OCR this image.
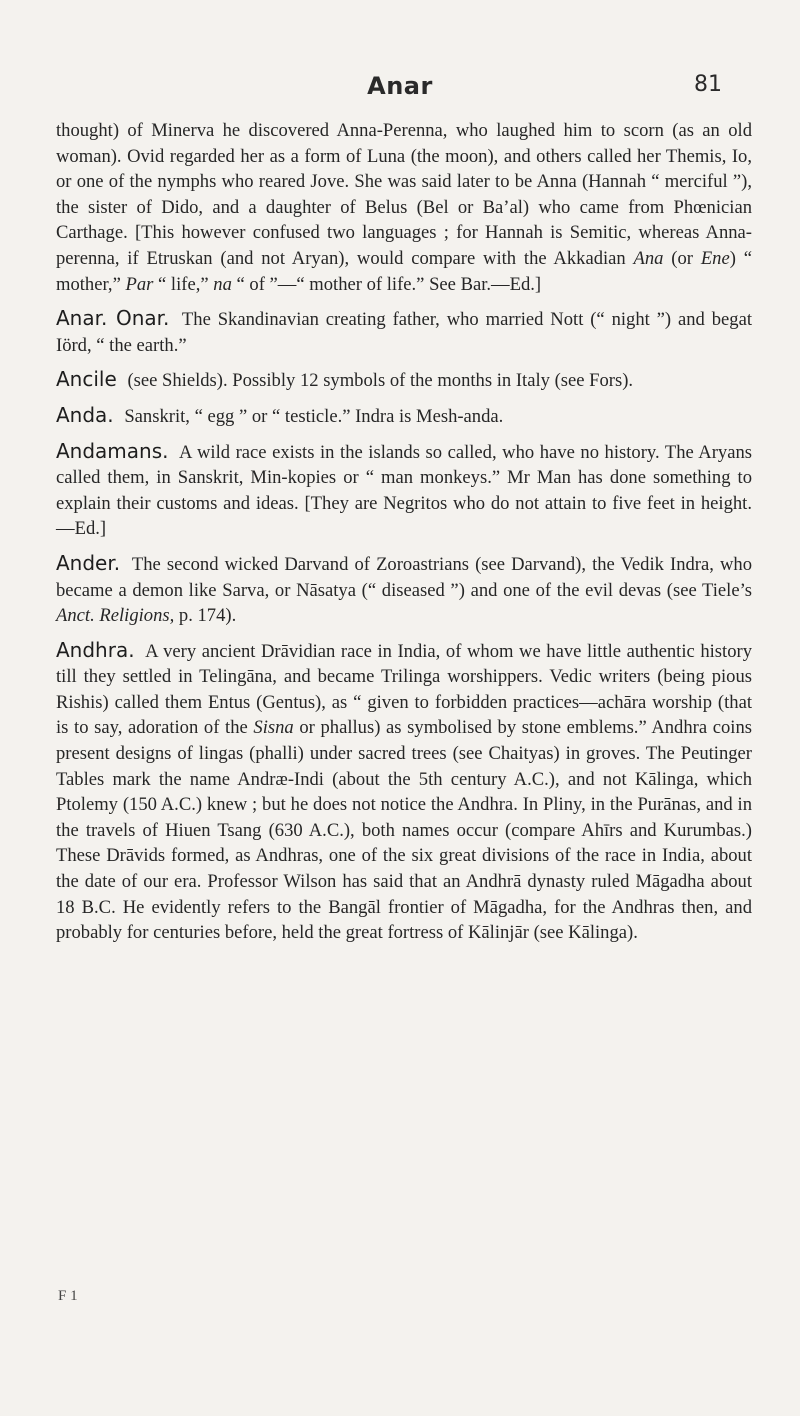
Anar	81

thought) of Minerva he discovered Anna-Perenna, who laughed him to scorn (as an old woman). Ovid regarded her as a form of Luna (the moon), and others called her Themis, Io, or one of the nymphs who reared Jove. She was said later to be Anna (Hannah “ merciful ”), the sister of Dido, and a daughter of Belus (Bel or Ba’al) who came from Phœnician Carthage. [This however confused two languages ; for Hannah is Semitic, whereas Anna-perenna, if Etruskan (and not Aryan), would compare with the Akkadian Ana (or Ene) “ mother,” Par “ life,” na “ of ”—“ mother of life.” See Bar.—Ed.]

Anar. Onar. The Skandinavian creating father, who married Nott (“ night ”) and begat Iörd, “ the earth.”

Ancile (see Shields). Possibly 12 symbols of the months in Italy (see Fors).

Anda. Sanskrit, “ egg ” or “ testicle.” Indra is Mesh-anda.

Andamans. A wild race exists in the islands so called, who have no history. The Aryans called them, in Sanskrit, Min-kopies or “ man monkeys.” Mr Man has done something to explain their customs and ideas. [They are Negritos who do not attain to five feet in height.—Ed.]

Ander. The second wicked Darvand of Zoroastrians (see Darvand), the Vedik Indra, who became a demon like Sarva, or Nāsatya (“ diseased ”) and one of the evil devas (see Tiele’s Anct. Religions, p. 174).

Andhra. A very ancient Drāvidian race in India, of whom we have little authentic history till they settled in Telingāna, and became Trilinga worshippers. Vedic writers (being pious Rishis) called them Entus (Gentus), as “ given to forbidden practices—achāra worship (that is to say, adoration of the Sisna or phallus) as symbolised by stone emblems.” Andhra coins present designs of lingas (phalli) under sacred trees (see Chaityas) in groves. The Peutinger Tables mark the name Andræ-Indi (about the 5th century A.C.), and not Kālinga, which Ptolemy (150 A.C.) knew ; but he does not notice the Andhra. In Pliny, in the Purānas, and in the travels of Hiuen Tsang (630 A.C.), both names occur (compare Ahīrs and Kurumbas.) These Drāvids formed, as Andhras, one of the six great divisions of the race in India, about the date of our era. Professor Wilson has said that an Andhrā dynasty ruled Māgadha about 18 B.C. He evidently refers to the Bangāl frontier of Māgadha, for the Andhras then, and probably for centuries before, held the great fortress of Kālinjār (see Kālinga).

F 1
